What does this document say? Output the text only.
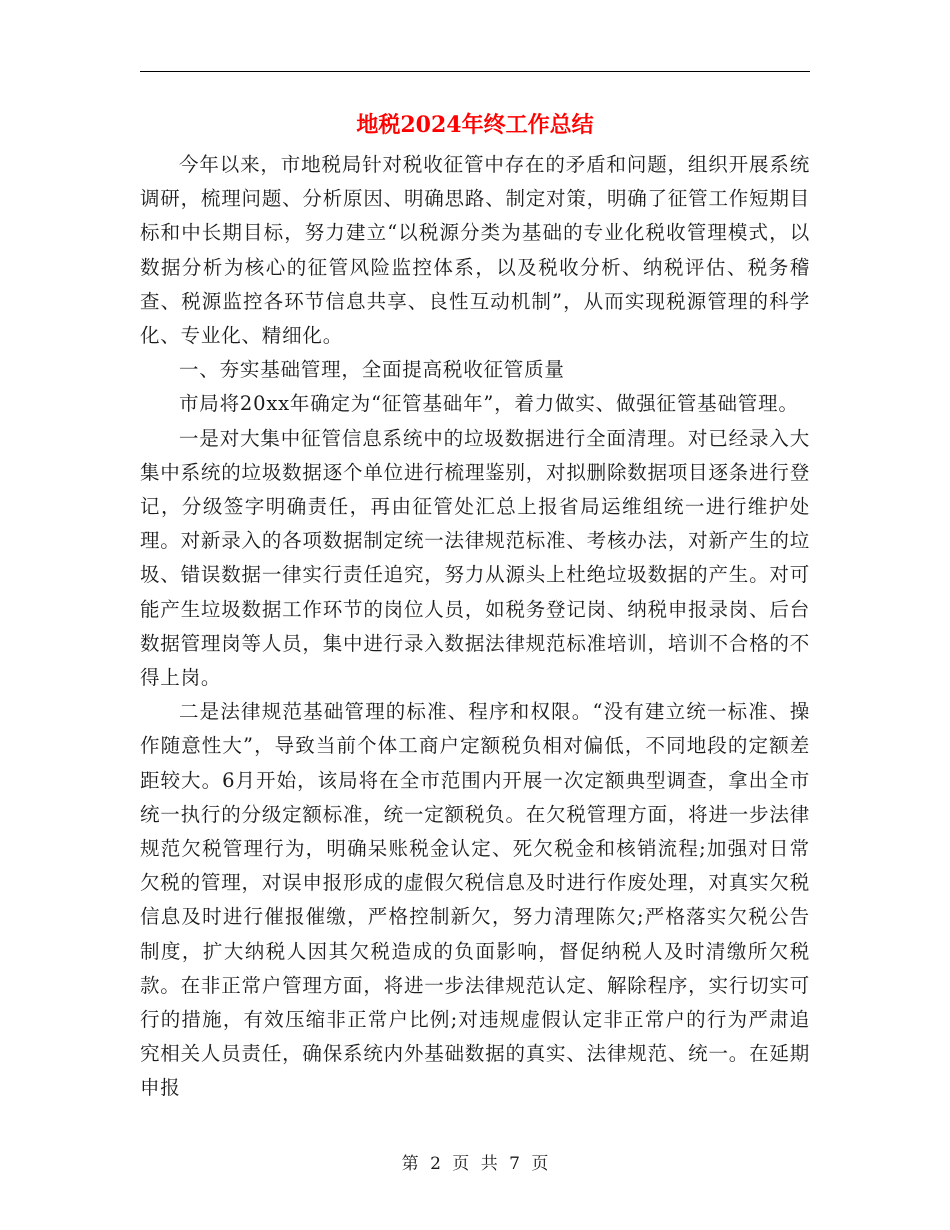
地税2024年终工作总结

今年以来，市地税局针对税收征管中存在的矛盾和问题，组织开展系统调研，梳理问题、分析原因、明确思路、制定对策，明确了征管工作短期目标和中长期目标，努力建立“以税源分类为基础的专业化税收管理模式，以数据分析为核心的征管风险监控体系，以及税收分析、纳税评估、税务稽查、税源监控各环节信息共享、良性互动机制”，从而实现税源管理的科学化、专业化、精细化。

一、夯实基础管理，全面提高税收征管质量

市局将20xx年确定为“征管基础年”，着力做实、做强征管基础管理。

一是对大集中征管信息系统中的垃圾数据进行全面清理。对已经录入大集中系统的垃圾数据逐个单位进行梳理鉴别，对拟删除数据项目逐条进行登记，分级签字明确责任，再由征管处汇总上报省局运维组统一进行维护处理。对新录入的各项数据制定统一法律规范标准、考核办法，对新产生的垃圾、错误数据一律实行责任追究，努力从源头上杜绝垃圾数据的产生。对可能产生垃圾数据工作环节的岗位人员，如税务登记岗、纳税申报录岗、后台数据管理岗等人员，集中进行录入数据法律规范标准培训，培训不合格的不得上岗。

二是法律规范基础管理的标准、程序和权限。“没有建立统一标准、操作随意性大”，导致当前个体工商户定额税负相对偏低，不同地段的定额差距较大。6月开始，该局将在全市范围内开展一次定额典型调查，拿出全市统一执行的分级定额标准，统一定额税负。在欠税管理方面，将进一步法律规范欠税管理行为，明确呆账税金认定、死欠税金和核销流程;加强对日常欠税的管理，对误申报形成的虚假欠税信息及时进行作废处理，对真实欠税信息及时进行催报催缴，严格控制新欠，努力清理陈欠;严格落实欠税公告制度，扩大纳税人因其欠税造成的负面影响，督促纳税人及时清缴所欠税款。在非正常户管理方面，将进一步法律规范认定、解除程序，实行切实可行的措施，有效压缩非正常户比例;对违规虚假认定非正常户的行为严肃追究相关人员责任，确保系统内外基础数据的真实、法律规范、统一。在延期申报

第 2 页 共 7 页
